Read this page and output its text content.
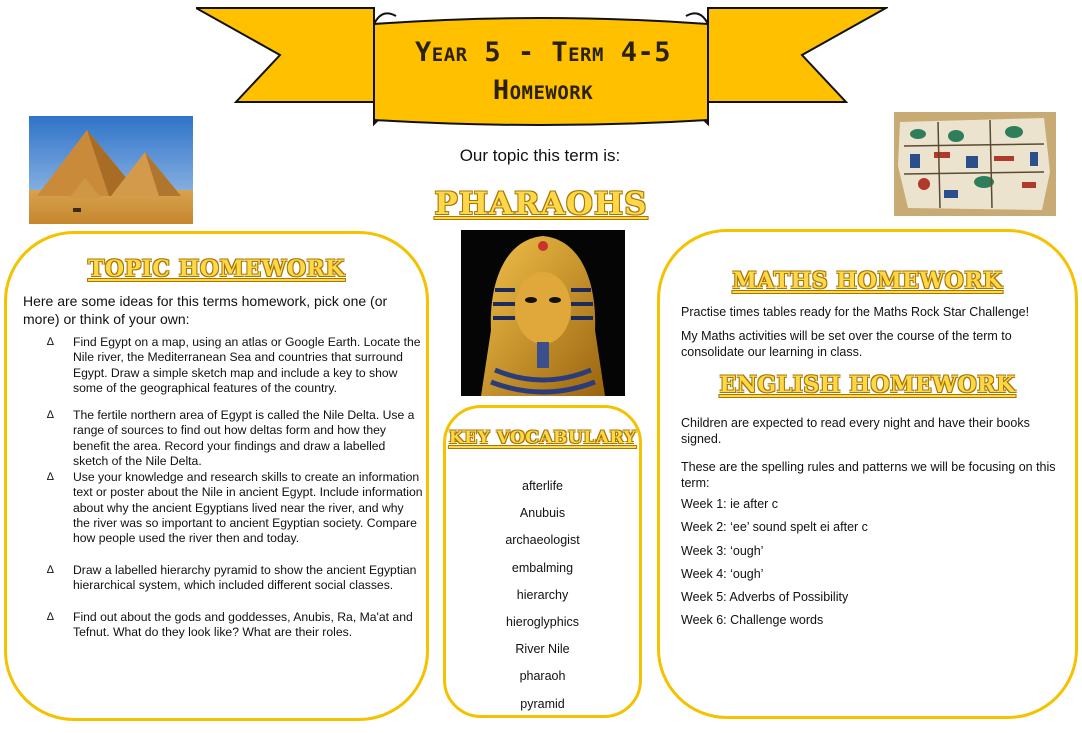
Year 5 - Term 4-5
Homework
Our topic this term is:
PHARAOHS
TOPIC HOMEWORK
Here are some ideas for this terms homework, pick one (or more) or think of your own:
∆ Find Egypt on a map, using an atlas or Google Earth. Locate the Nile river, the Mediterranean Sea and countries that surround Egypt. Draw a simple sketch map and include a key to show some of the geographical features of the country.
∆ The fertile northern area of Egypt is called the Nile Delta. Use a range of sources to find out how deltas form and how they benefit the area. Record your findings and draw a labelled sketch of the Nile Delta.
∆ Use your knowledge and research skills to create an information text or poster about the Nile in ancient Egypt. Include information about why the ancient Egyptians lived near the river, and why the river was so important to ancient Egyptian society. Compare how people used the river then and today.
∆ Draw a labelled hierarchy pyramid to show the ancient Egyptian hierarchical system, which included different social classes.
∆ Find out about the gods and goddesses, Anubis, Ra, Ma'at and Tefnut. What do they look like? What are their roles.
KEY VOCABULARY
afterlife
Anubuis
archaeologist
embalming
hierarchy
hieroglyphics
River Nile
pharaoh
pyramid
MATHS HOMEWORK
Practise times tables ready for the Maths Rock Star Challenge!
My Maths activities will be set over the course of the term to consolidate our learning in class.
ENGLISH HOMEWORK
Children are expected to read every night and have their books signed.
These are the spelling rules and patterns we will be focusing on this term:
Week 1: ie after c
Week 2: ‘ee’ sound spelt ei after c
Week 3: ‘ough’
Week 4: ‘ough’
Week 5: Adverbs of Possibility
Week 6: Challenge words
